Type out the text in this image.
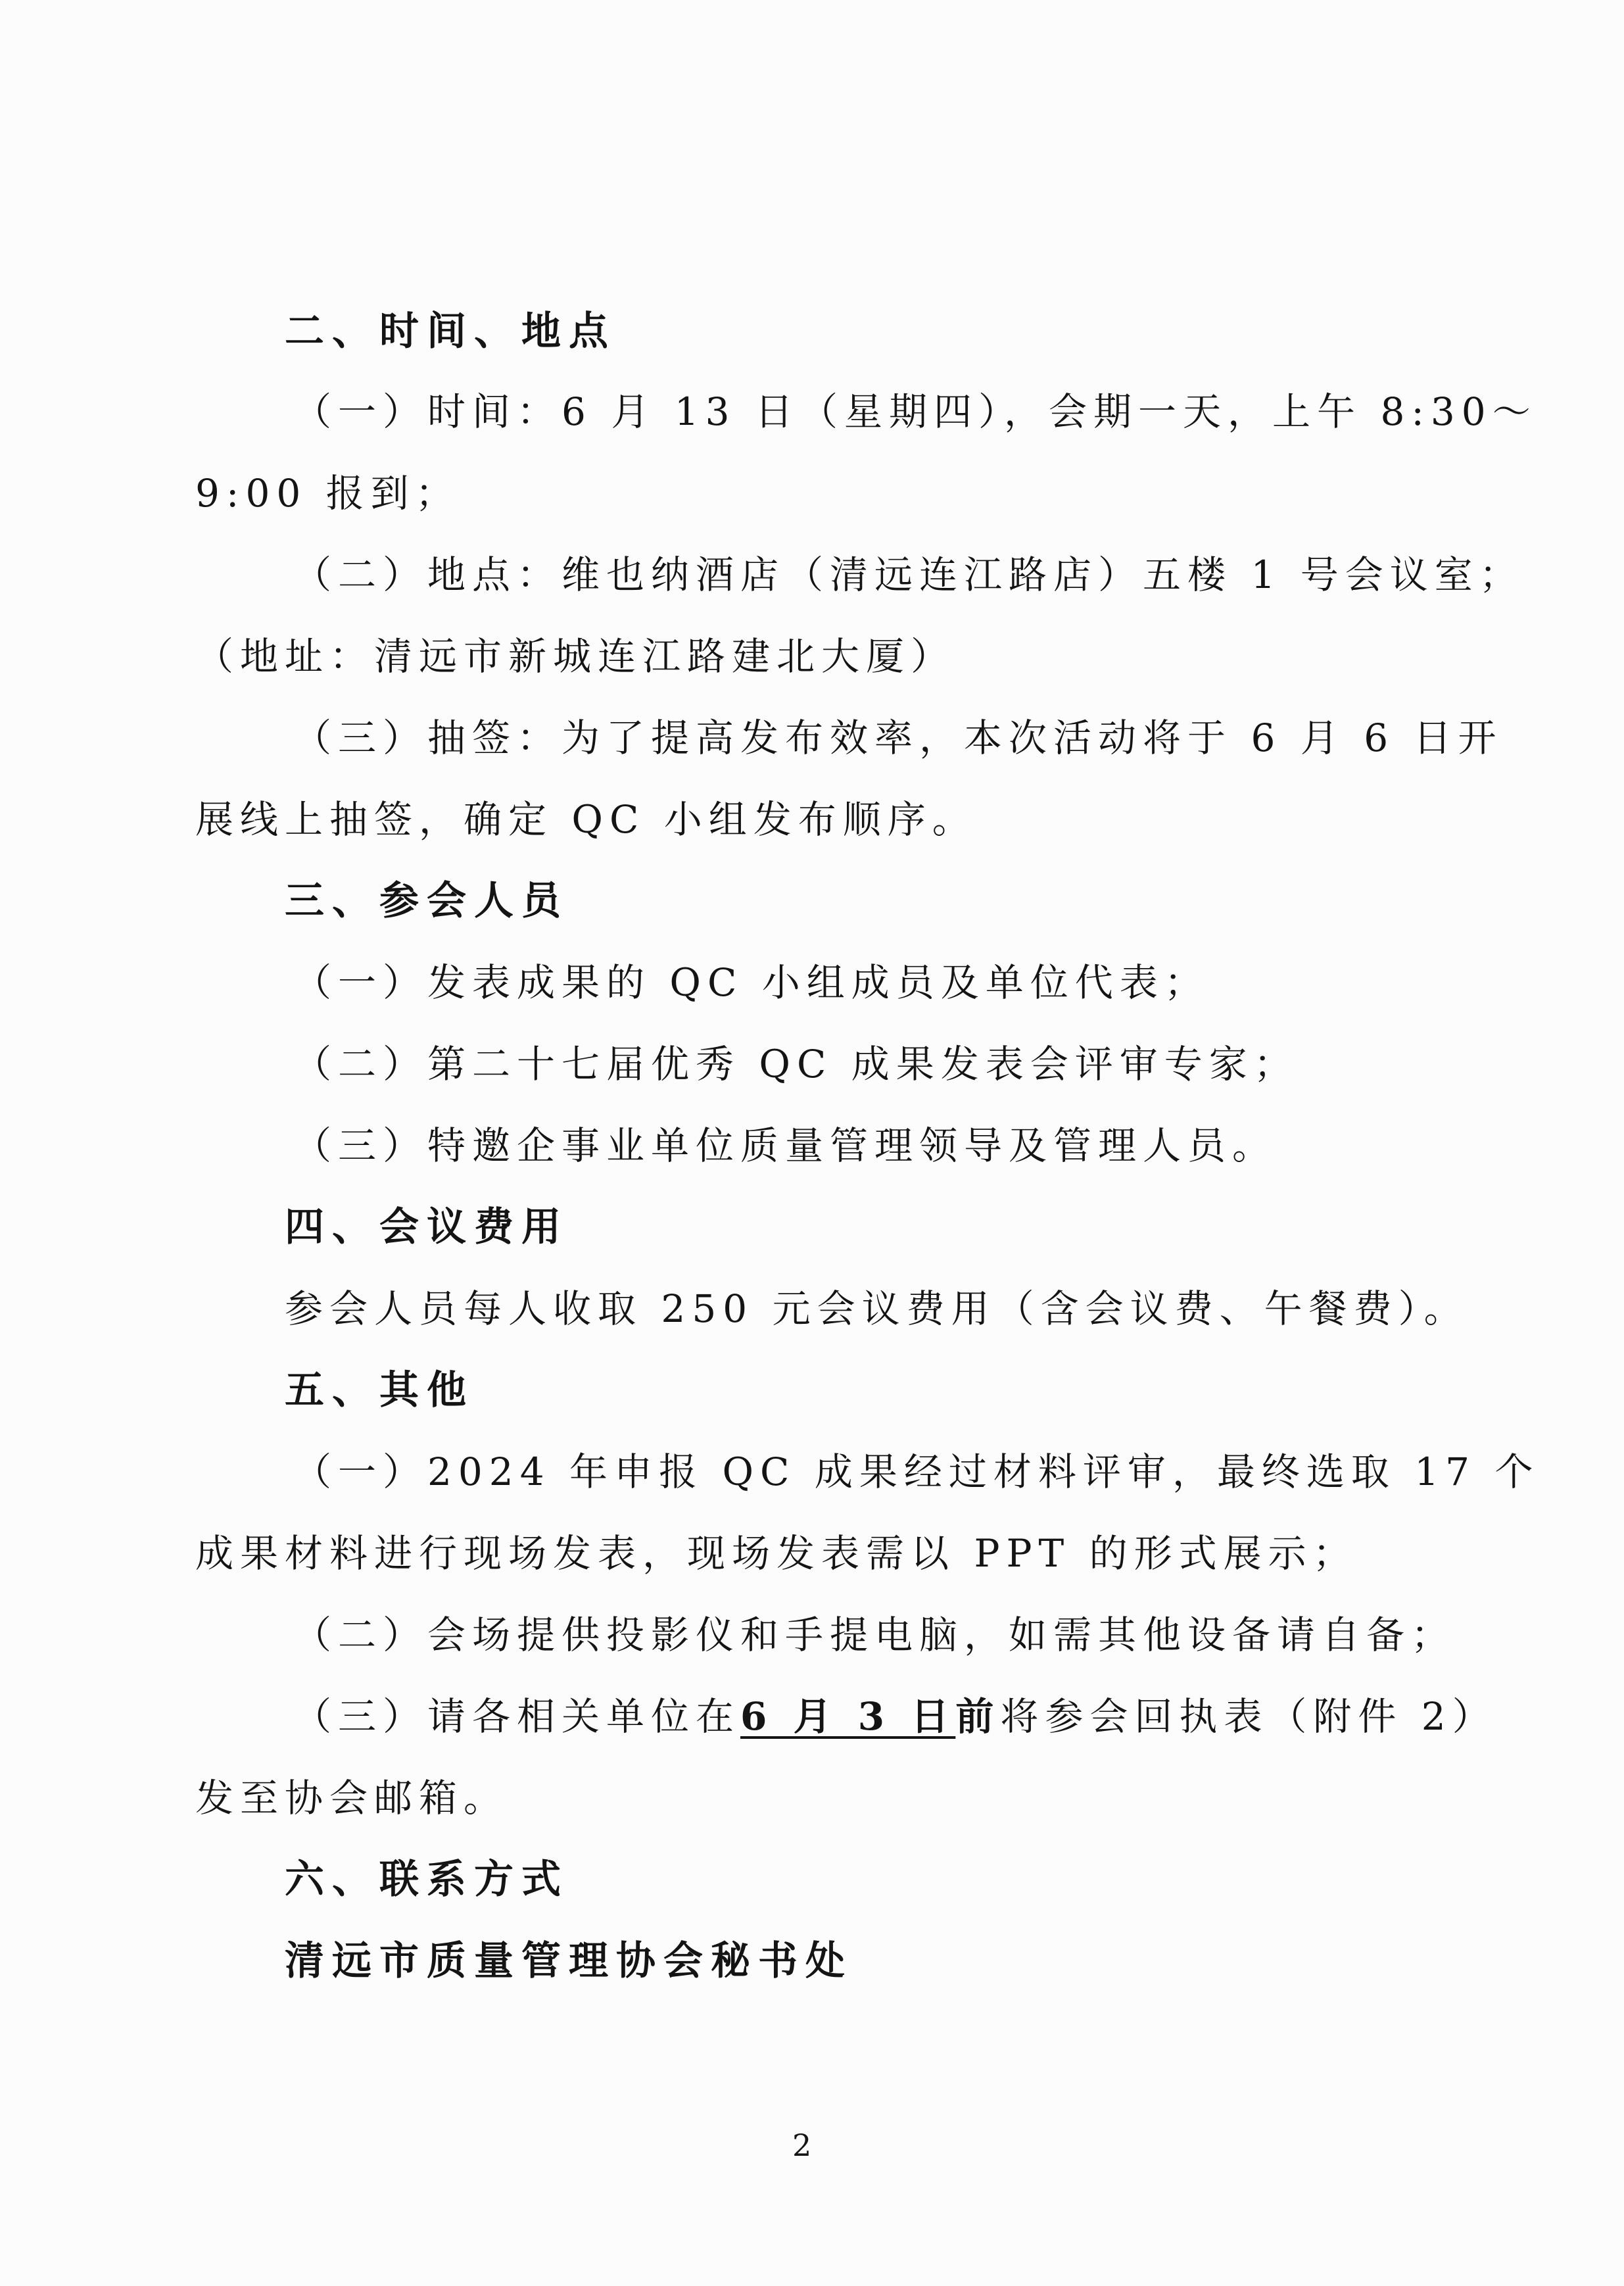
二、时间、地点
（一）时间：6 月 13 日（星期四），会期一天，上午 8:30～
9:00 报到；
（二）地点：维也纳酒店（清远连江路店）五楼 1 号会议室；
（地址：清远市新城连江路建北大厦）
（三）抽签：为了提高发布效率，本次活动将于 6 月 6 日开
展线上抽签，确定 QC 小组发布顺序。
三、参会人员
（一）发表成果的 QC 小组成员及单位代表；
（二）第二十七届优秀 QC 成果发表会评审专家；
（三）特邀企事业单位质量管理领导及管理人员。
四、会议费用
参会人员每人收取 250 元会议费用（含会议费、午餐费）。
五、其他
（一）2024 年申报 QC 成果经过材料评审，最终选取 17 个
成果材料进行现场发表，现场发表需以 PPT 的形式展示；
（二）会场提供投影仪和手提电脑，如需其他设备请自备；
（三）请各相关单位在6 月 3 日前将参会回执表（附件 2）
发至协会邮箱。
六、联系方式
清远市质量管理协会秘书处
2
